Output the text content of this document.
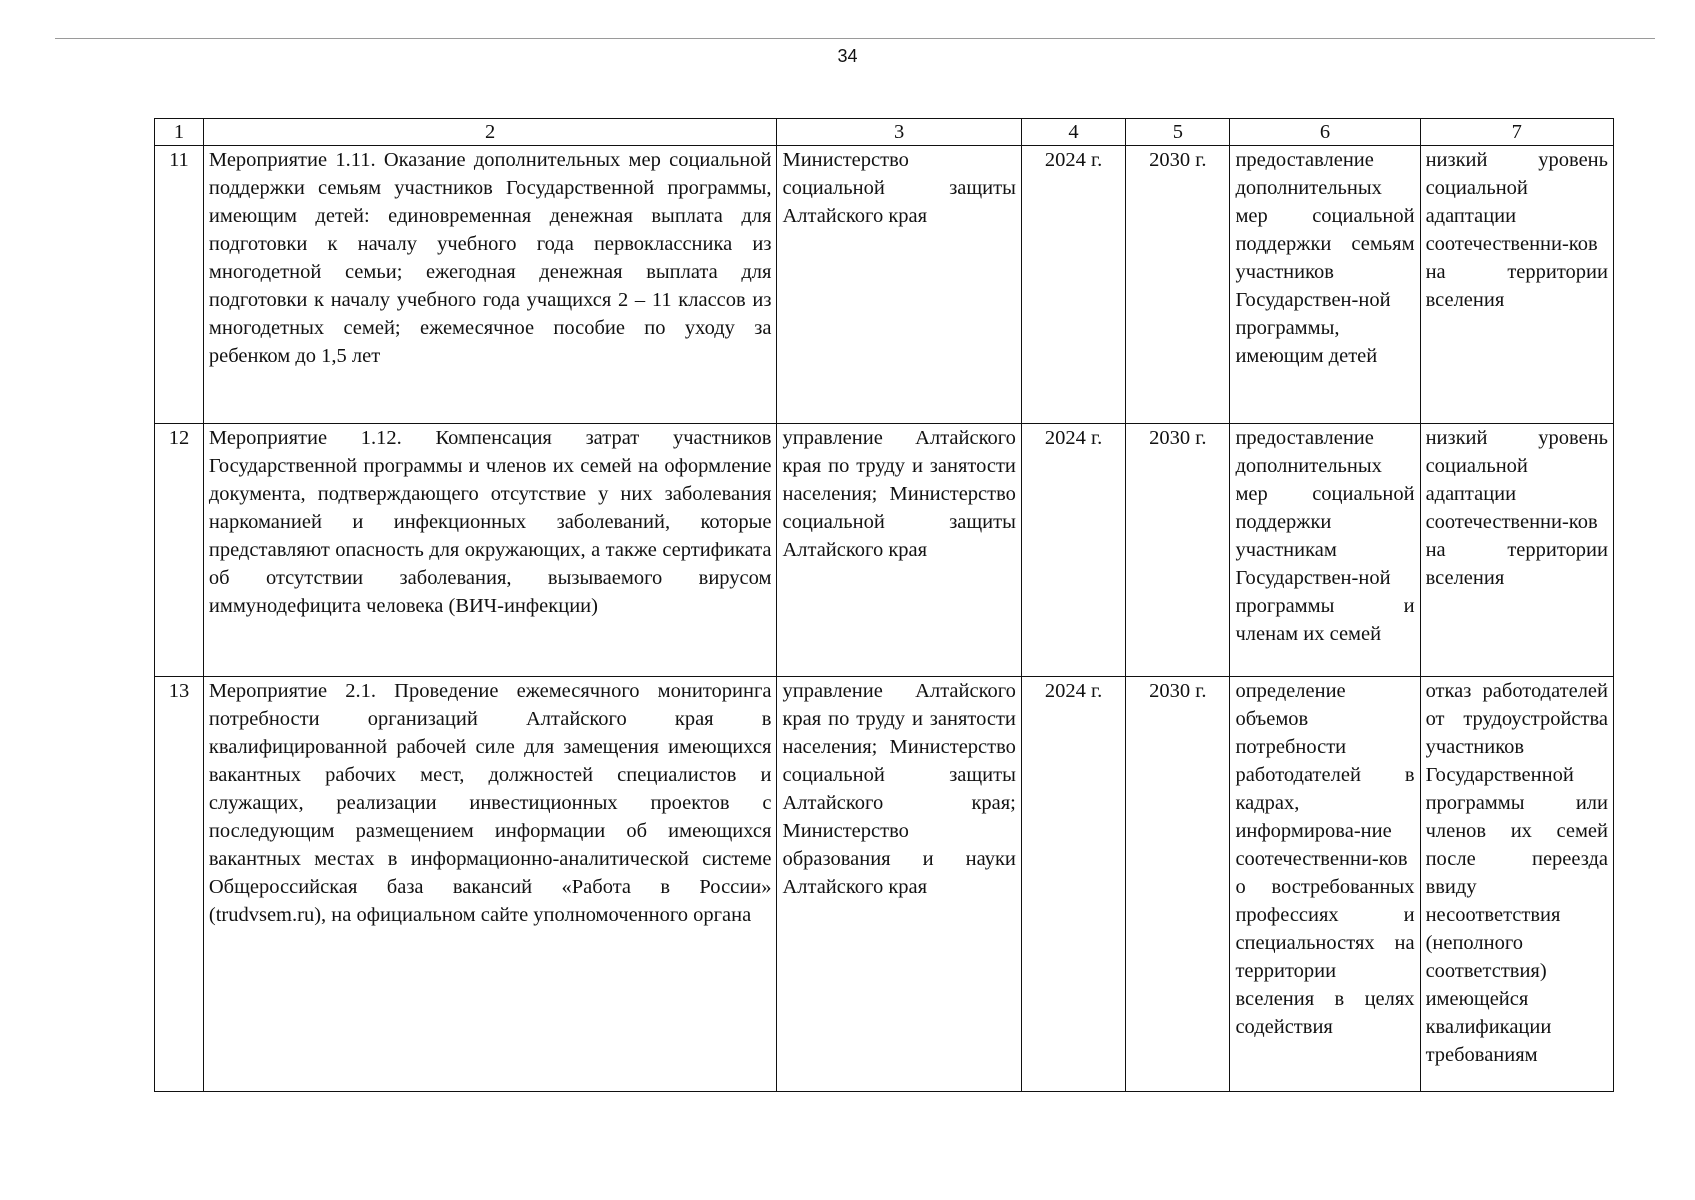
34
1	2	3	4	5	6	7
11	Мероприятие 1.11. Оказание дополнительных мер социальной поддержки семьям участников Государственной программы, имеющим детей: единовременная денежная выплата для подготовки к началу учебного года первоклассника из многодетной семьи; ежегодная денежная выплата для подготовки к началу учебного года учащихся 2 – 11 классов из многодетных семей; ежемесячное пособие по уходу за ребенком до 1,5 лет	Министерство социальной защиты Алтайского края	2024 г.	2030 г.	предоставление дополнительных мер социальной поддержки семьям участников Государствен-ной программы, имеющим детей	низкий уровень социальной адаптации соотечественни-ков на территории вселения
12	Мероприятие 1.12. Компенсация затрат участников Государственной программы и членов их семей на оформление документа, подтверждающего отсутствие у них заболевания наркоманией и инфекционных заболеваний, которые представляют опасность для окружающих, а также сертификата об отсутствии заболевания, вызываемого вирусом иммунодефицита человека (ВИЧ-инфекции)	управление Алтайского края по труду и занятости населения; Министерство социальной защиты Алтайского края	2024 г.	2030 г.	предоставление дополнительных мер социальной поддержки участникам Государствен-ной программы и членам их семей	низкий уровень социальной адаптации соотечественни-ков на территории вселения
13	Мероприятие 2.1. Проведение ежемесячного мониторинга потребности организаций Алтайского края в квалифицированной рабочей силе для замещения имеющихся вакантных рабочих мест, должностей специалистов и служащих, реализации инвестиционных проектов с последующим размещением информации об имеющихся вакантных местах в информационно-аналитической системе Общероссийская база вакансий «Работа в России» (trudvsem.ru), на официальном сайте уполномоченного органа	управление Алтайского края по труду и занятости населения; Министерство социальной защиты Алтайского края; Министерство образования и науки Алтайского края	2024 г.	2030 г.	определение объемов потребности работодателей в кадрах, информирова-ние соотечественни-ков о востребованных профессиях и специальностях на территории вселения в целях содействия	отказ работодателей от трудоустройства участников Государственной программы или членов их семей после переезда ввиду несоответствия (неполного соответствия) имеющейся квалификации требованиям
